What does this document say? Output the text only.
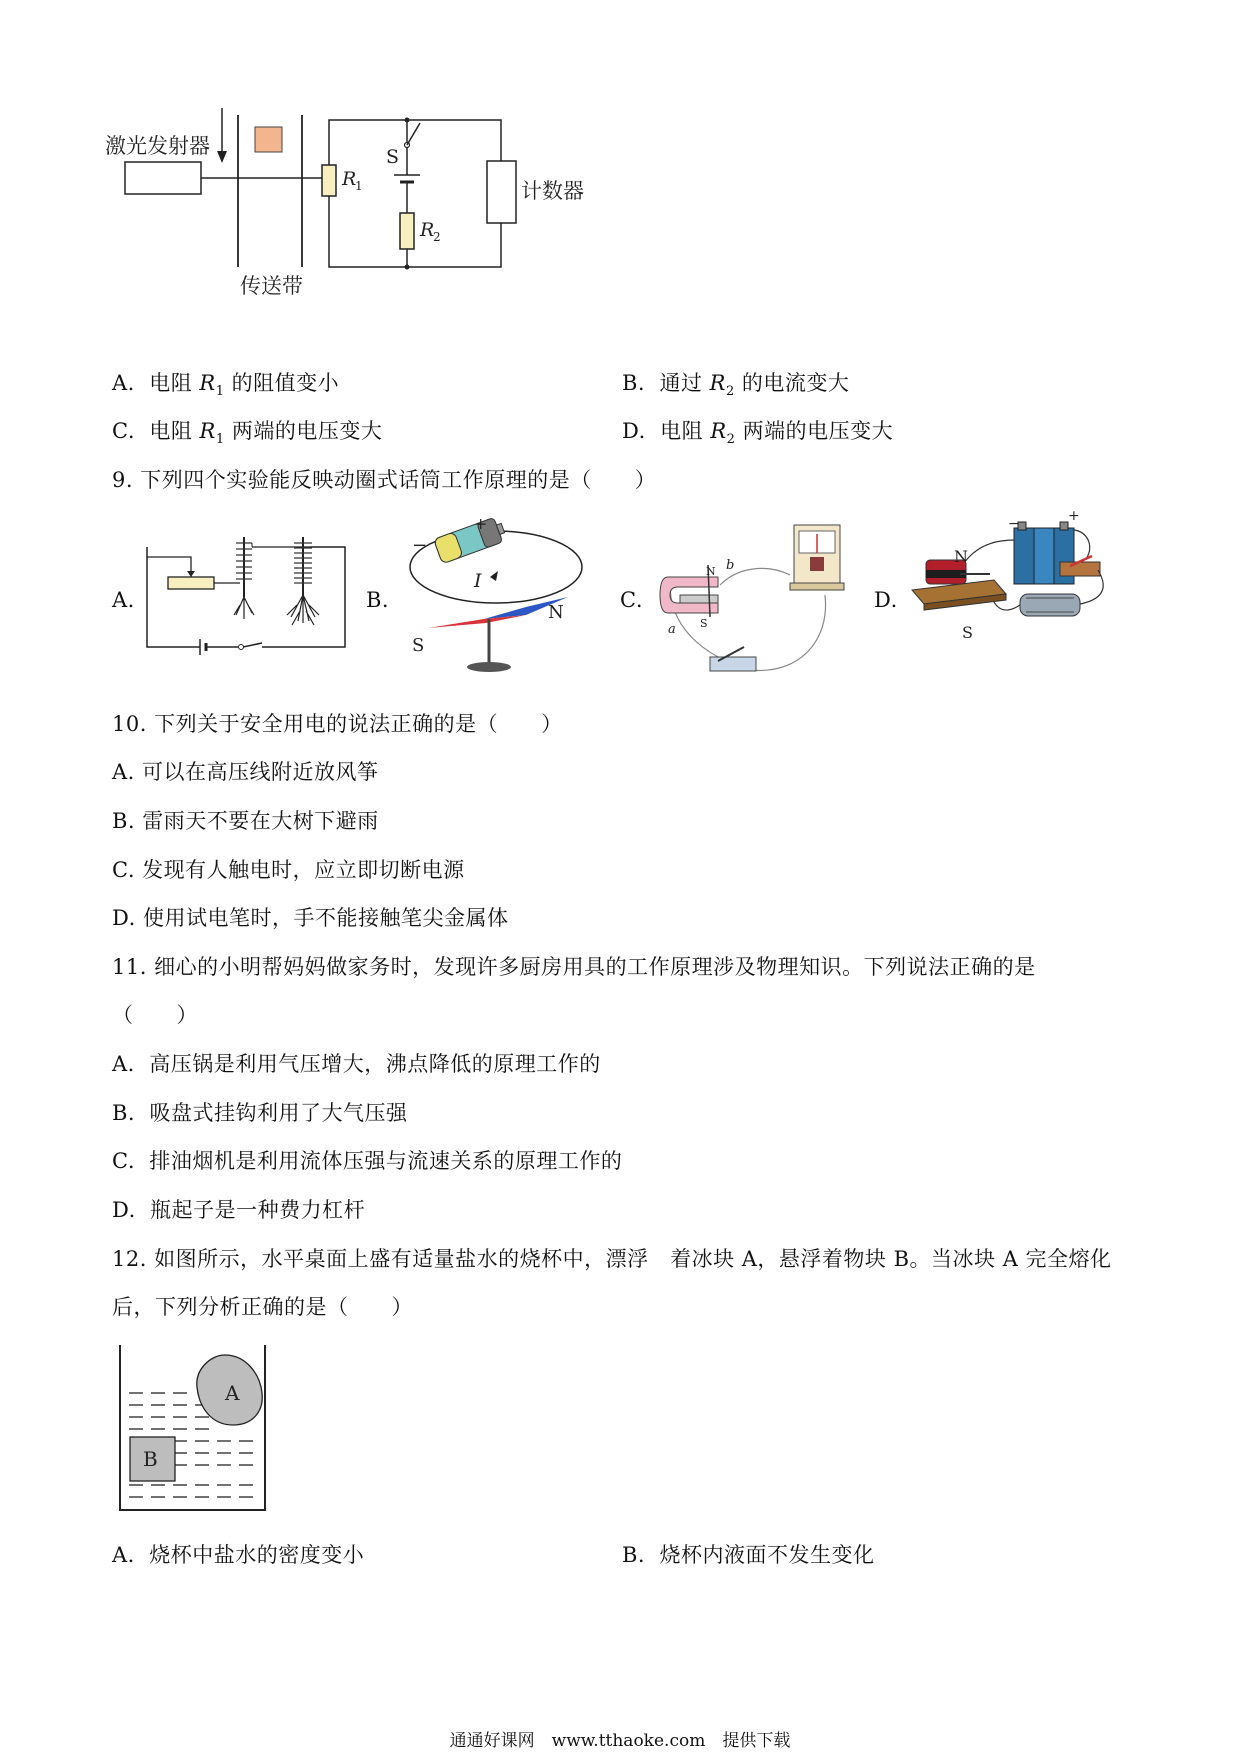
激光发射器
传送带
R
1
S
R
2
计数器
A. 电阻 $R_1$ 的阻值变小	B. 通过 $R_2$ 的电流变大
C. 电阻 $R_1$ 两端的电压变大	D. 电阻 $R_2$ 两端的电压变大
9. 下列四个实验能反映动圈式话筒工作原理的是（　　）
A.	B.	C.	D.
−
+
I
N
S
N
S
a
b
−	+
N
S
10. 下列关于安全用电的说法正确的是（　　）
A. 可以在高压线附近放风筝
B. 雷雨天不要在大树下避雨
C. 发现有人触电时，应立即切断电源
D. 使用试电笔时，手不能接触笔尖金属体
11. 细心的小明帮妈妈做家务时，发现许多厨房用具的工作原理涉及物理知识。下列说法正确的是
（　　）
A. 高压锅是利用气压增大，沸点降低的原理工作的
B. 吸盘式挂钩利用了大气压强
C. 排油烟机是利用流体压强与流速关系的原理工作的
D. 瓶起子是一种费力杠杆
12. 如图所示，水平桌面上盛有适量盐水的烧杯中，漂浮　着冰块 A，悬浮着物块 B。当冰块 A 完全熔化
后，下列分析正确的是（　　）
A
B
A. 烧杯中盐水的密度变小	B. 烧杯内液面不发生变化
通通好课网　www.tthaoke.com　提供下载
